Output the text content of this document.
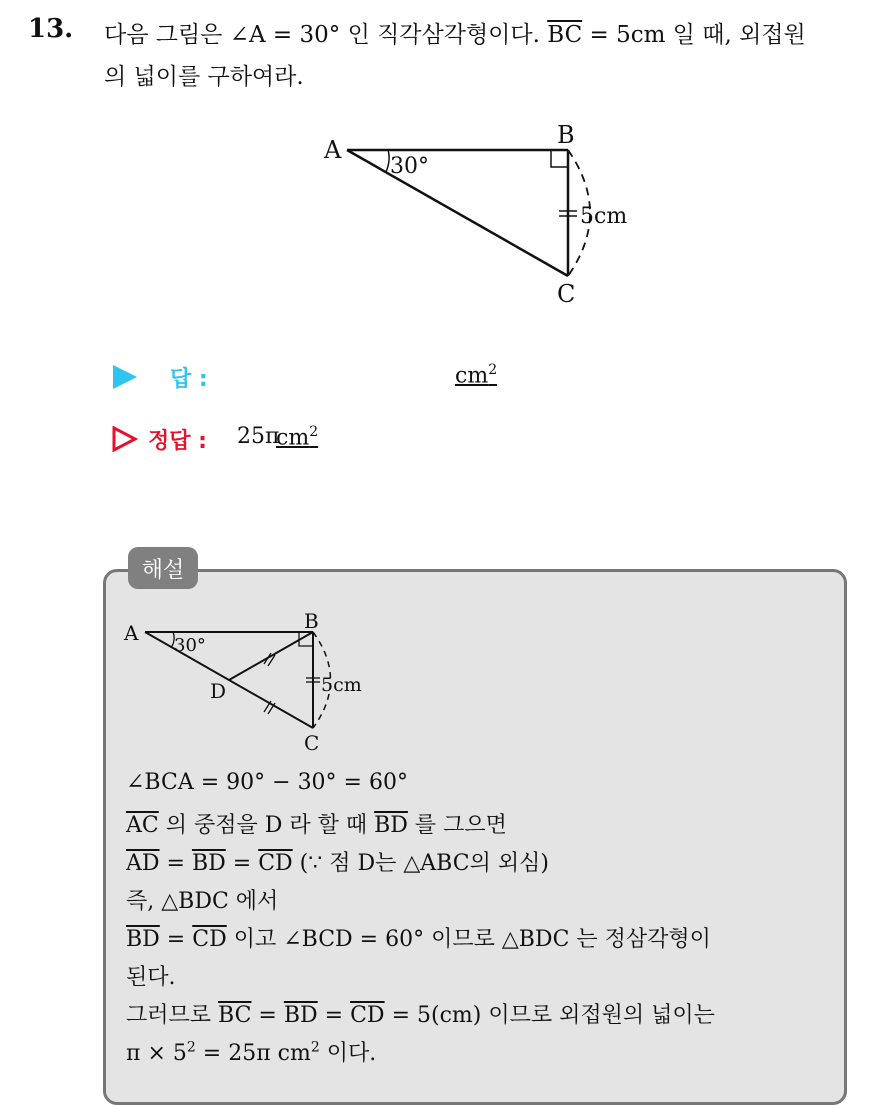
13. 다음 그림은 ∠A = 30° 인 직각삼각형이다. $\overline{BC} = 5cm$ 일 때, 외접원
의 넓이를 구하여라.
A
B
C
30°
5cm
답 :	$cm^2$
정답 : 25π
$cm^2$
해설
A	B
C
D
30°
5cm
∠BCA = 90° − 30° = 60°
$\overline{AC}$ 의 중점을 D 라 할 때 $\overline{BD}$ 를 그으면
$\overline{AD} = \overline{BD} = \overline{CD}$ (∵ 점 D는 △ABC의 외심)
즉, △BDC 에서
$\overline{BD} = \overline{CD}$ 이고 ∠BCD = 60° 이므로 △BDC 는 정삼각형이
된다.
그러므로 $\overline{BC} = \overline{BD} = \overline{CD} = 5(cm)$ 이므로 외접원의 넓이는
$\pi \times 5^2 = 25\pi$ $cm^2$ 이다.
